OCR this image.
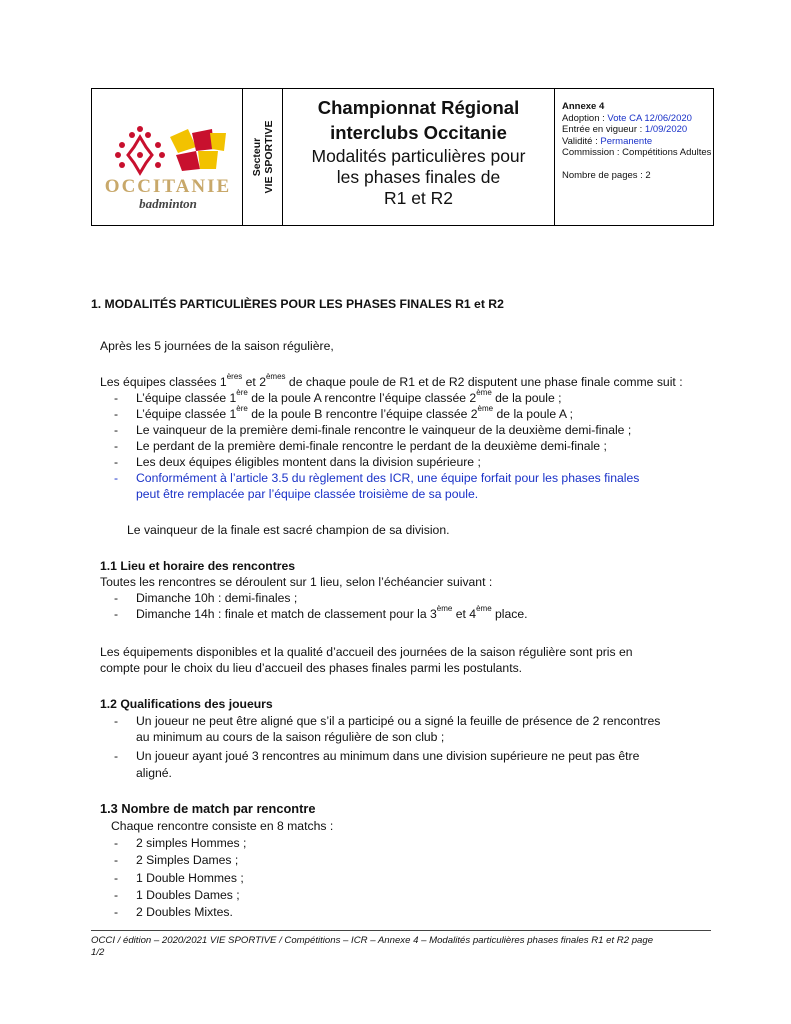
OCCITANIE
badminton
Secteur VIE SPORTIVE
Championnat Régional
interclubs Occitanie
Modalités particulières pour
les phases finales de
R1 et R2
Annexe 4
Adoption : Vote CA 12/06/2020
Entrée en vigueur : 1/09/2020
Validité : Permanente
Commission : Compétitions Adultes
Nombre de pages : 2
1. MODALITÉS PARTICULIÈRES POUR LES PHASES FINALES R1 et R2
Après les 5 journées de la saison régulière,
Les équipes classées 1ères et 2èmes de chaque poule de R1 et de R2 disputent une phase finale comme suit :
- L’équipe classée 1ère de la poule A rencontre l’équipe classée 2ème de la poule ;
- L’équipe classée 1ère de la poule B rencontre l’équipe classée 2ème de la poule A ;
- Le vainqueur de la première demi-finale rencontre le vainqueur de la deuxième demi-finale ;
- Le perdant de la première demi-finale rencontre le perdant de la deuxième demi-finale ;
- Les deux équipes éligibles montent dans la division supérieure ;
- Conformément à l’article 3.5 du règlement des ICR, une équipe forfait pour les phases finales
peut être remplacée par l’équipe classée troisième de sa poule.
Le vainqueur de la finale est sacré champion de sa division.
1.1 Lieu et horaire des rencontres
Toutes les rencontres se déroulent sur 1 lieu, selon l’échéancier suivant :
- Dimanche 10h : demi-finales ;
- Dimanche 14h : finale et match de classement pour la 3ème et 4ème place.
Les équipements disponibles et la qualité d’accueil des journées de la saison régulière sont pris en
compte pour le choix du lieu d’accueil des phases finales parmi les postulants.
1.2 Qualifications des joueurs
- Un joueur ne peut être aligné que s’il a participé ou a signé la feuille de présence de 2 rencontres
au minimum au cours de la saison régulière de son club ;
- Un joueur ayant joué 3 rencontres au minimum dans une division supérieure ne peut pas être
aligné.
1.3 Nombre de match par rencontre
Chaque rencontre consiste en 8 matchs :
- 2 simples Hommes ;
- 2 Simples Dames ;
- 1 Double Hommes ;
- 1 Doubles Dames ;
- 2 Doubles Mixtes.
OCCI / édition – 2020/2021 VIE SPORTIVE / Compétitions – ICR – Annexe 4 – Modalités particulières phases finales R1 et R2 page
1/2
